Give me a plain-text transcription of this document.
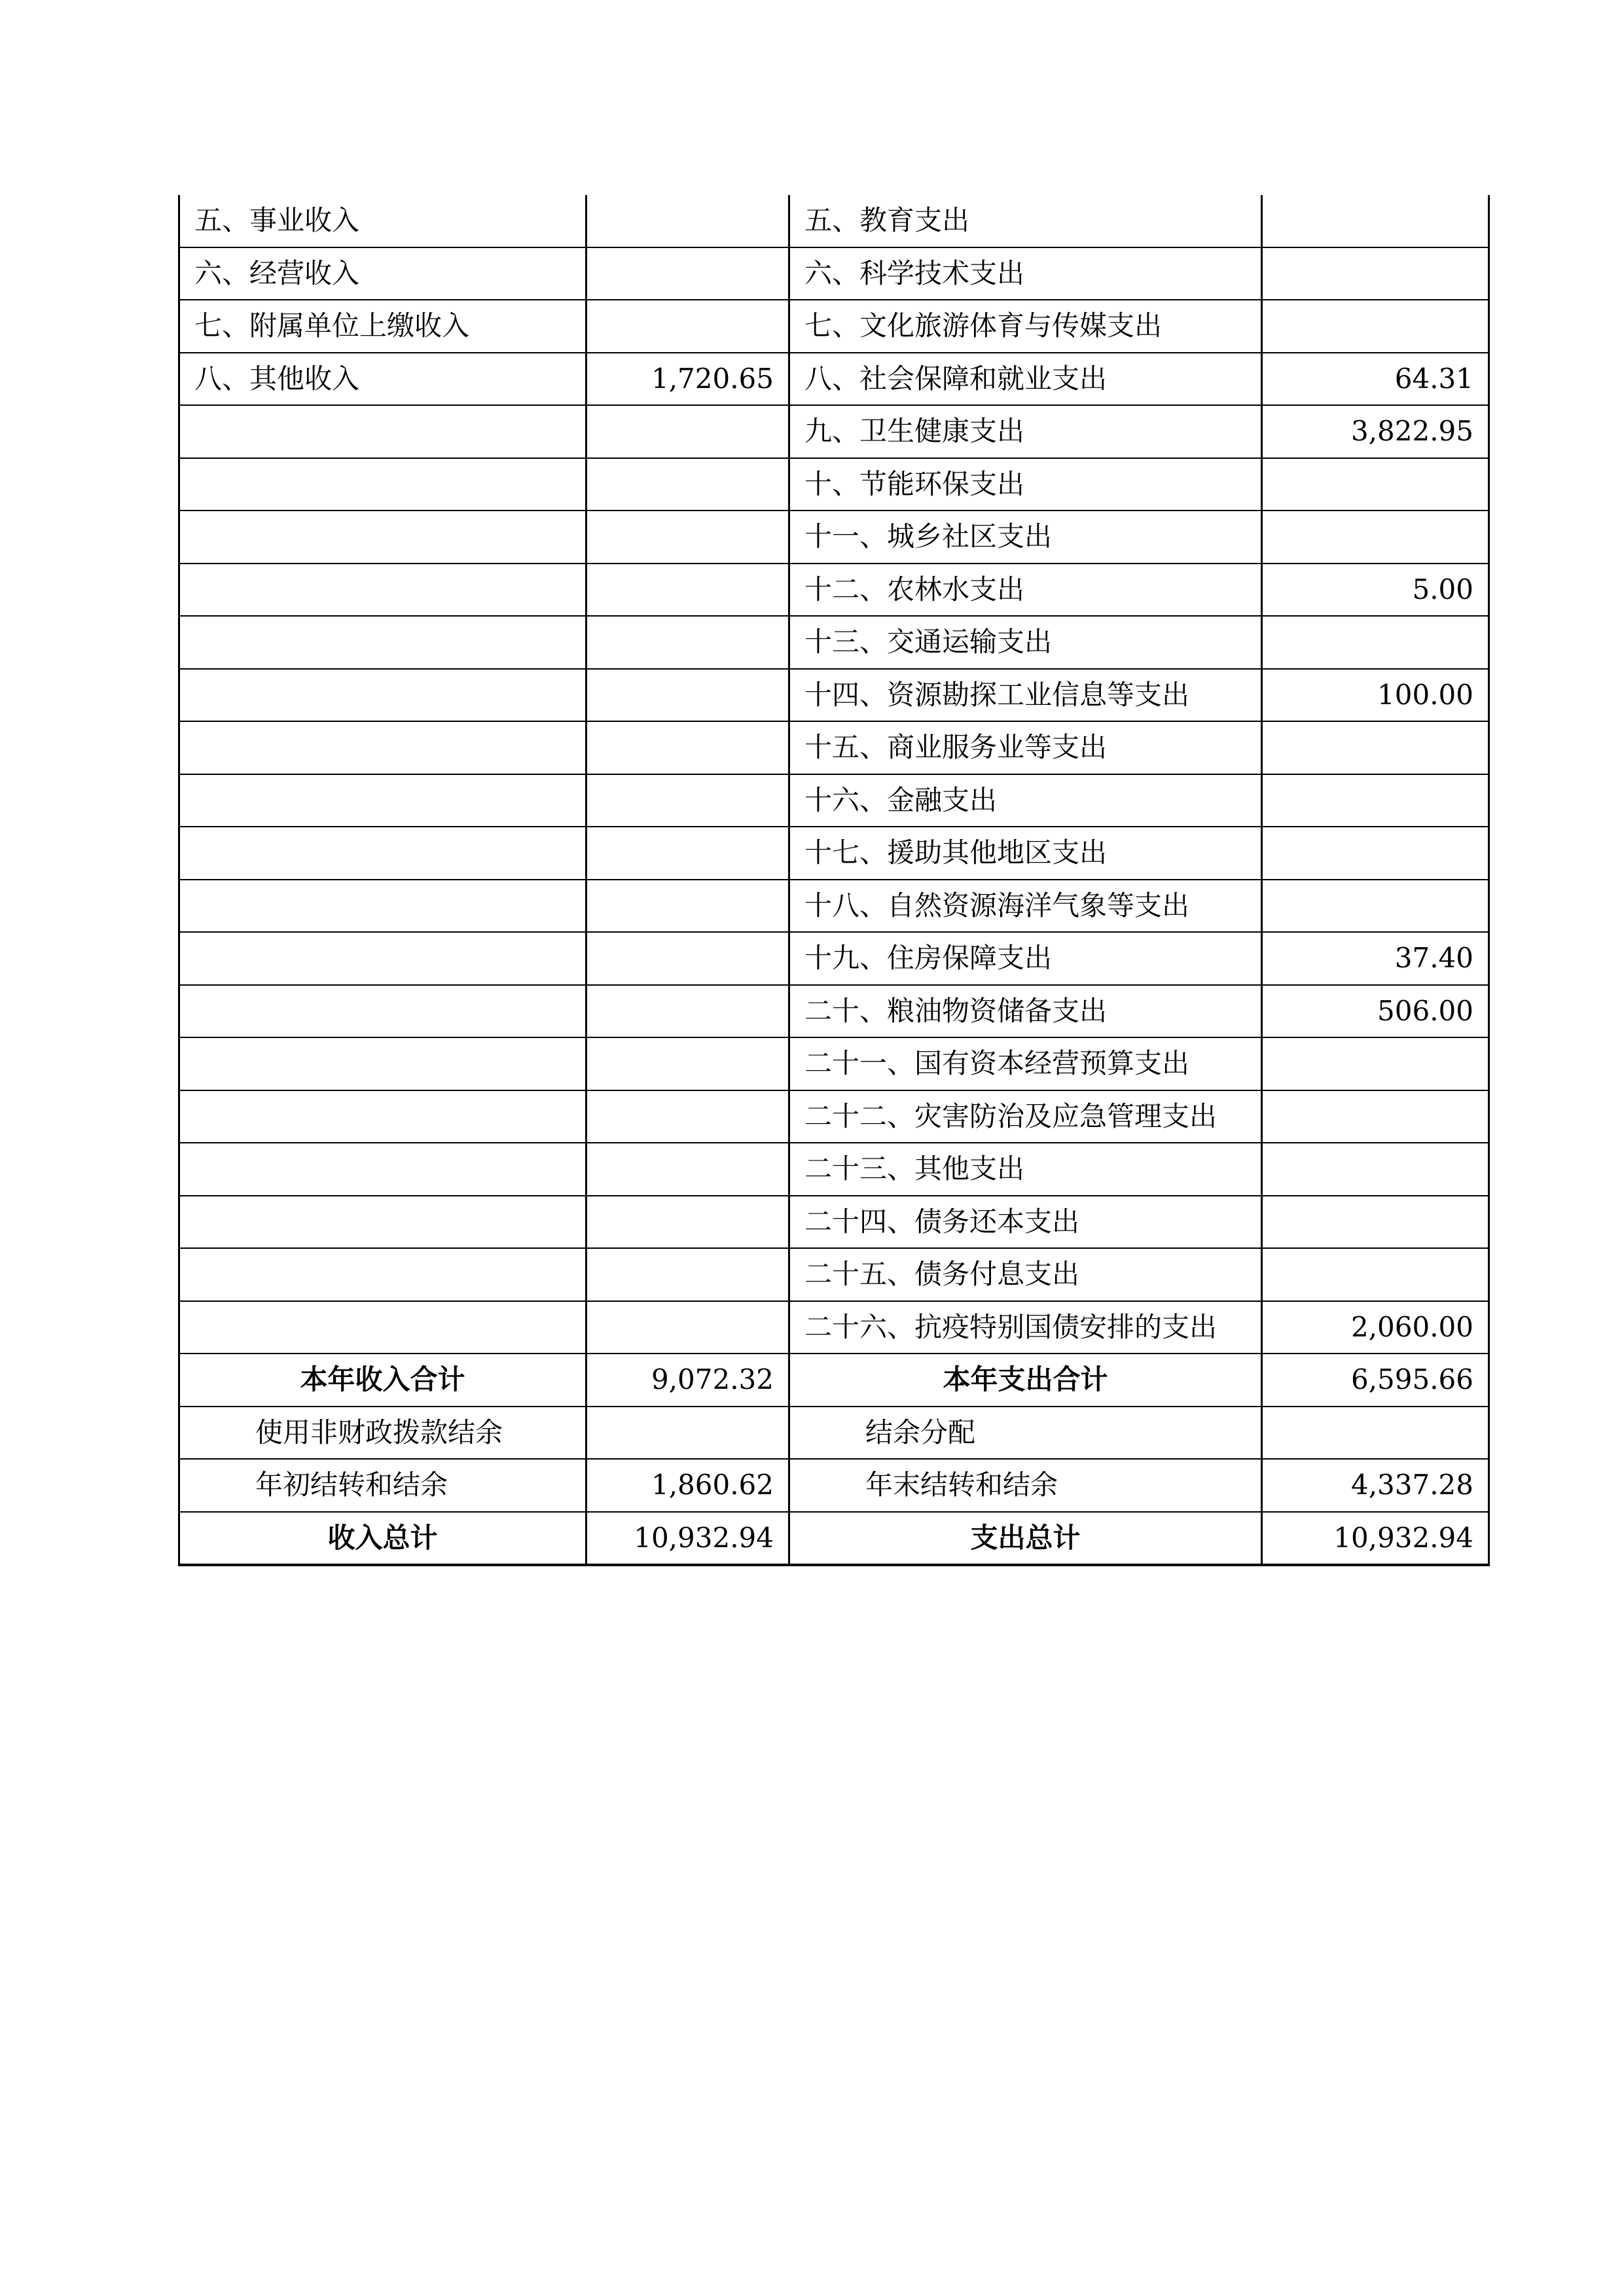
五、事业收入		五、教育支出	
六、经营收入		六、科学技术支出	
七、附属单位上缴收入		七、文化旅游体育与传媒支出	
八、其他收入	1,720.65	八、社会保障和就业支出	64.31
		九、卫生健康支出	3,822.95
		十、节能环保支出	
		十一、城乡社区支出	
		十二、农林水支出	5.00
		十三、交通运输支出	
		十四、资源勘探工业信息等支出	100.00
		十五、商业服务业等支出	
		十六、金融支出	
		十七、援助其他地区支出	
		十八、自然资源海洋气象等支出	
		十九、住房保障支出	37.40
		二十、粮油物资储备支出	506.00
		二十一、国有资本经营预算支出	
		二十二、灾害防治及应急管理支出	
		二十三、其他支出	
		二十四、债务还本支出	
		二十五、债务付息支出	
		二十六、抗疫特别国债安排的支出	2,060.00
本年收入合计	9,072.32	本年支出合计	6,595.66
使用非财政拨款结余		结余分配	
年初结转和结余	1,860.62	年末结转和结余	4,337.28
收入总计	10,932.94	支出总计	10,932.94
